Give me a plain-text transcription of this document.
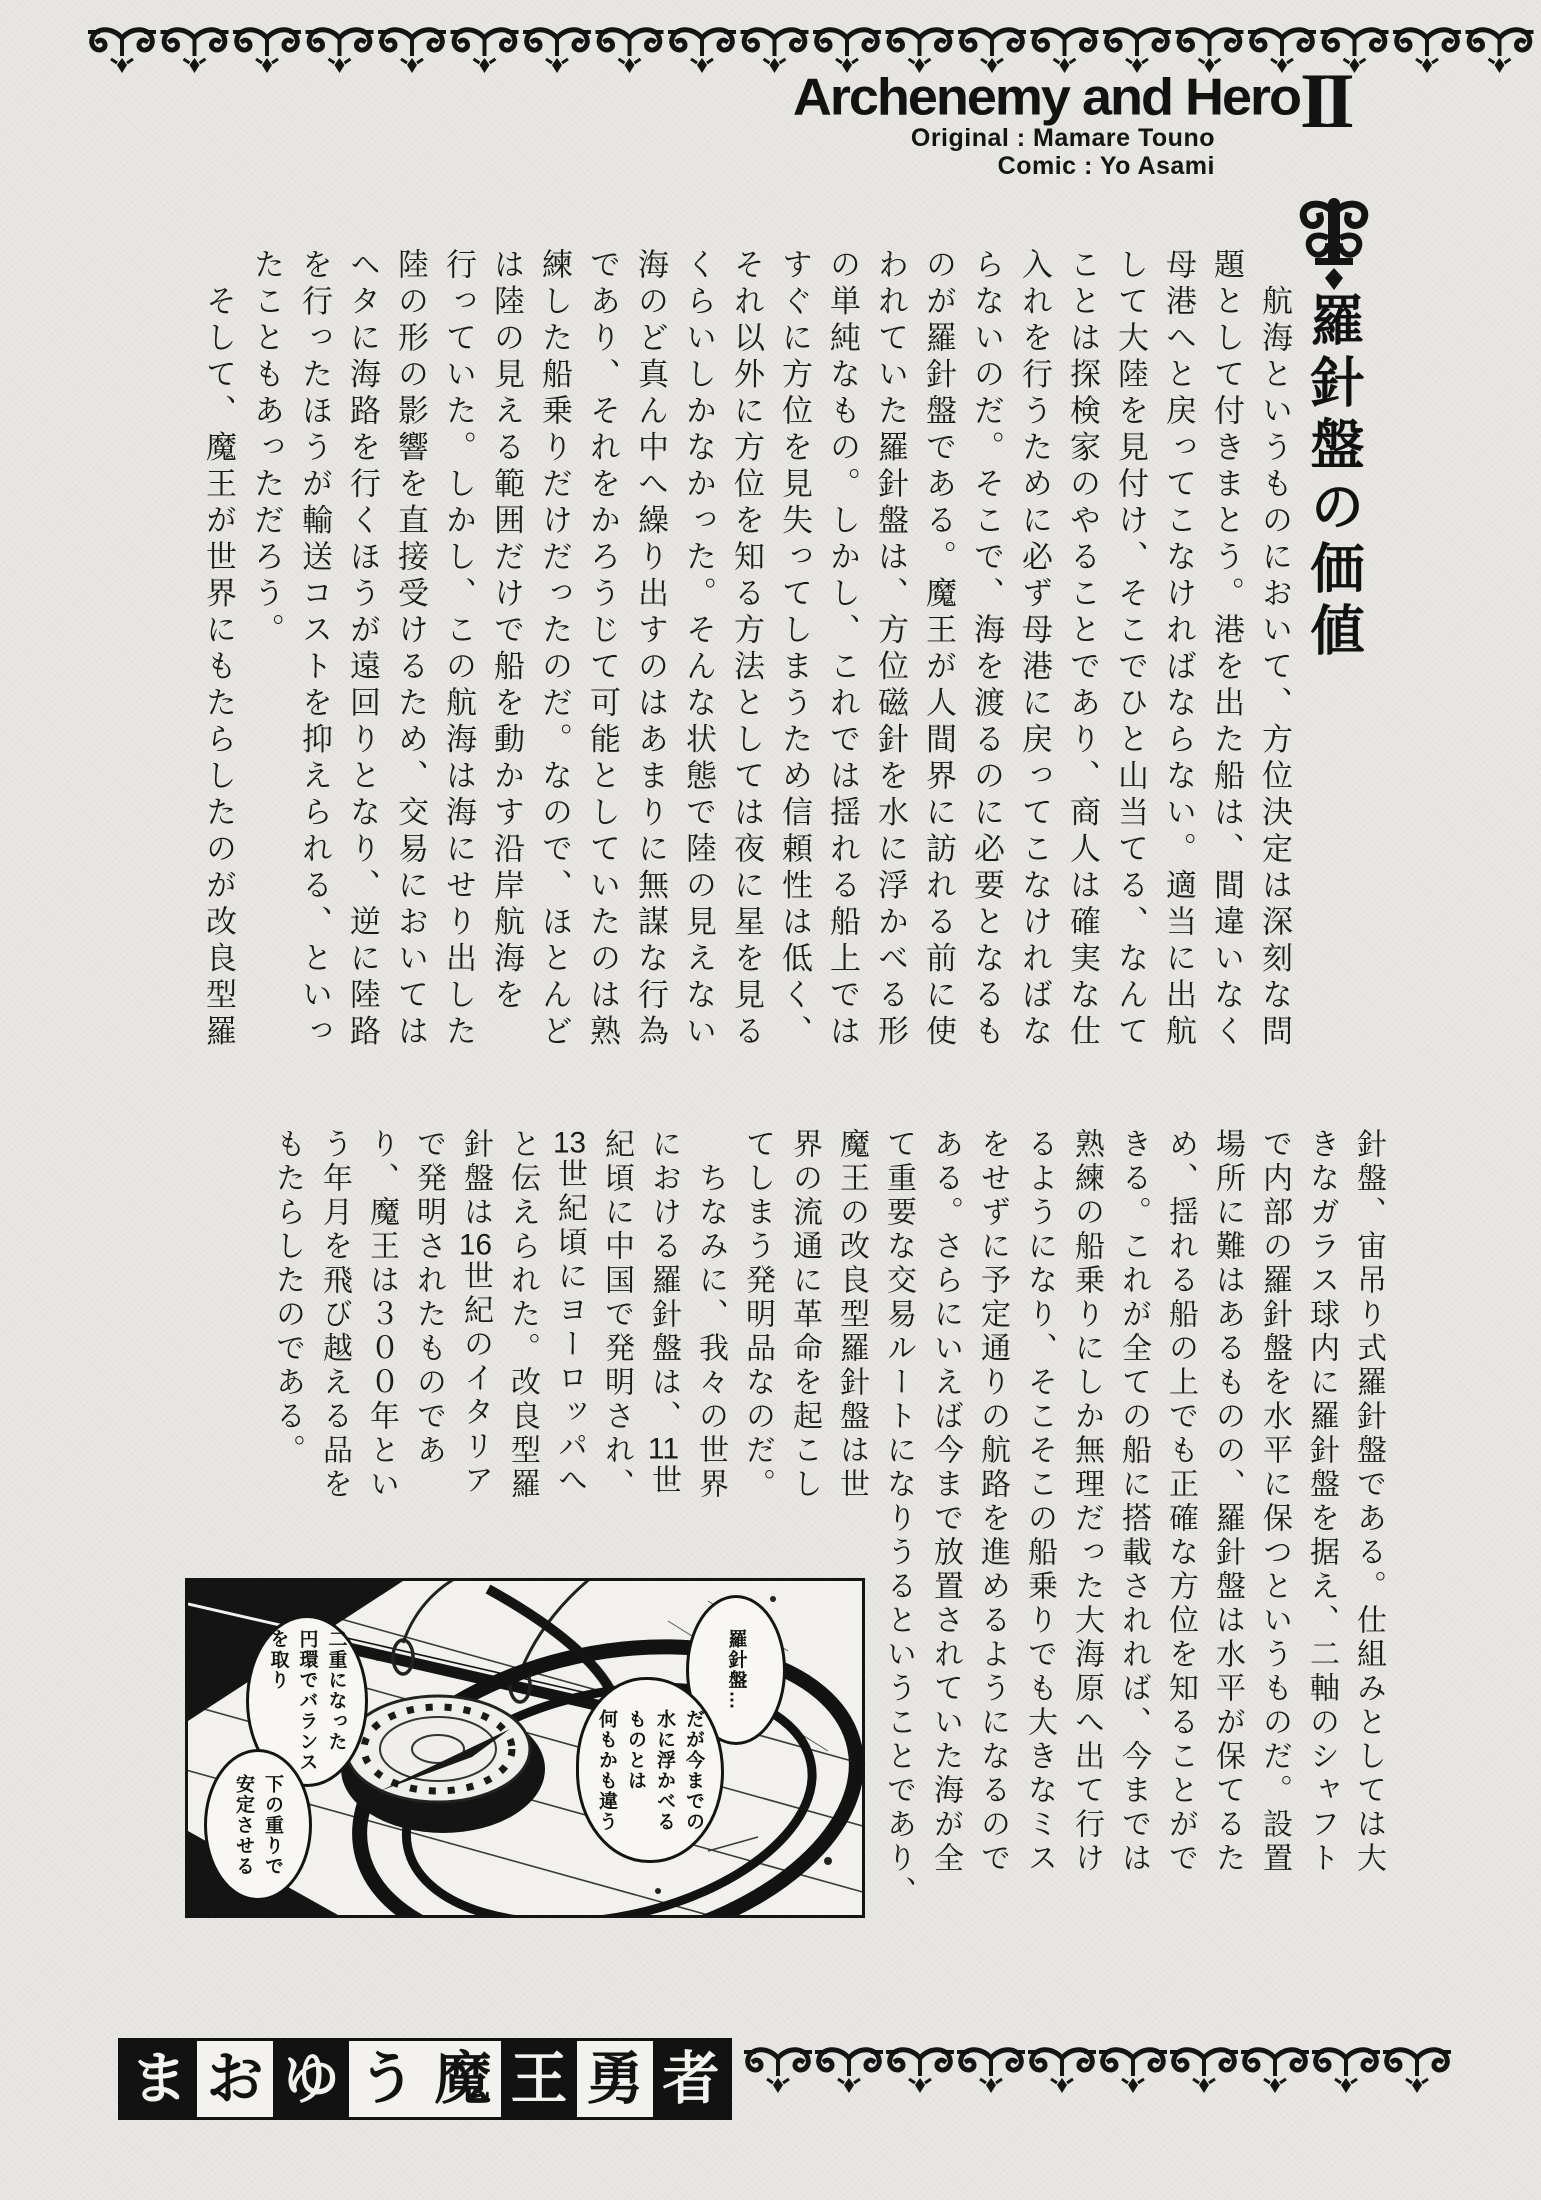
Archenemy and Hero II
Original : Mamare Touno
Comic : Yo Asami
羅針盤の価値
　航海というものにおいて、方位決定は深刻な問
題として付きまとう。港を出た船は、間違いなく
母港へと戻ってこなければならない。適当に出航
して大陸を見付け、そこでひと山当てる、なんて
ことは探検家のやることであり、商人は確実な仕
入れを行うために必ず母港に戻ってこなければな
らないのだ。そこで、海を渡るのに必要となるも
のが羅針盤である。魔王が人間界に訪れる前に使
われていた羅針盤は、方位磁針を水に浮かべる形
の単純なもの。しかし、これでは揺れる船上では
すぐに方位を見失ってしまうため信頼性は低く、
それ以外に方位を知る方法としては夜に星を見る
くらいしかなかった。そんな状態で陸の見えない
海のど真ん中へ繰り出すのはあまりに無謀な行為
であり、それをかろうじて可能としていたのは熟
練した船乗りだけだったのだ。なので、ほとんど
は陸の見える範囲だけで船を動かす沿岸航海を
行っていた。しかし、この航海は海にせり出した
陸の形の影響を直接受けるため、交易においては
ヘタに海路を行くほうが遠回りとなり、逆に陸路
を行ったほうが輸送コストを抑えられる、といっ
たこともあっただろう。
　そして、魔王が世界にもたらしたのが改良型羅
針盤、宙吊り式羅針盤である。仕組みとしては大
きなガラス球内に羅針盤を据え、二軸のシャフト
で内部の羅針盤を水平に保つというものだ。設置
場所に難はあるものの、羅針盤は水平が保てるた
め、揺れる船の上でも正確な方位を知ることがで
きる。これが全ての船に搭載されれば、今までは
熟練の船乗りにしか無理だった大海原へ出て行け
るようになり、そこそこの船乗りでも大きなミス
をせずに予定通りの航路を進めるようになるので
ある。さらにいえば今まで放置されていた海が全
て重要な交易ルートになりうるということであり、
魔王の改良型羅針盤は世
界の流通に革命を起こし
てしまう発明品なのだ。
　ちなみに、我々の世界
における羅針盤は、11世
紀頃に中国で発明され、
13世紀頃にヨーロッパへ
と伝えられた。改良型羅
針盤は16世紀のイタリア
で発明されたものであ
り、魔王は３００年とい
う年月を飛び越える品を
もたらしたのである。
二重になった
円環でバランス
を取り
下の重りで
安定させる
羅針盤…
だが今までの
水に浮かべる
ものとは
何もかも違う
ま お ゆ う 魔 王 勇 者
